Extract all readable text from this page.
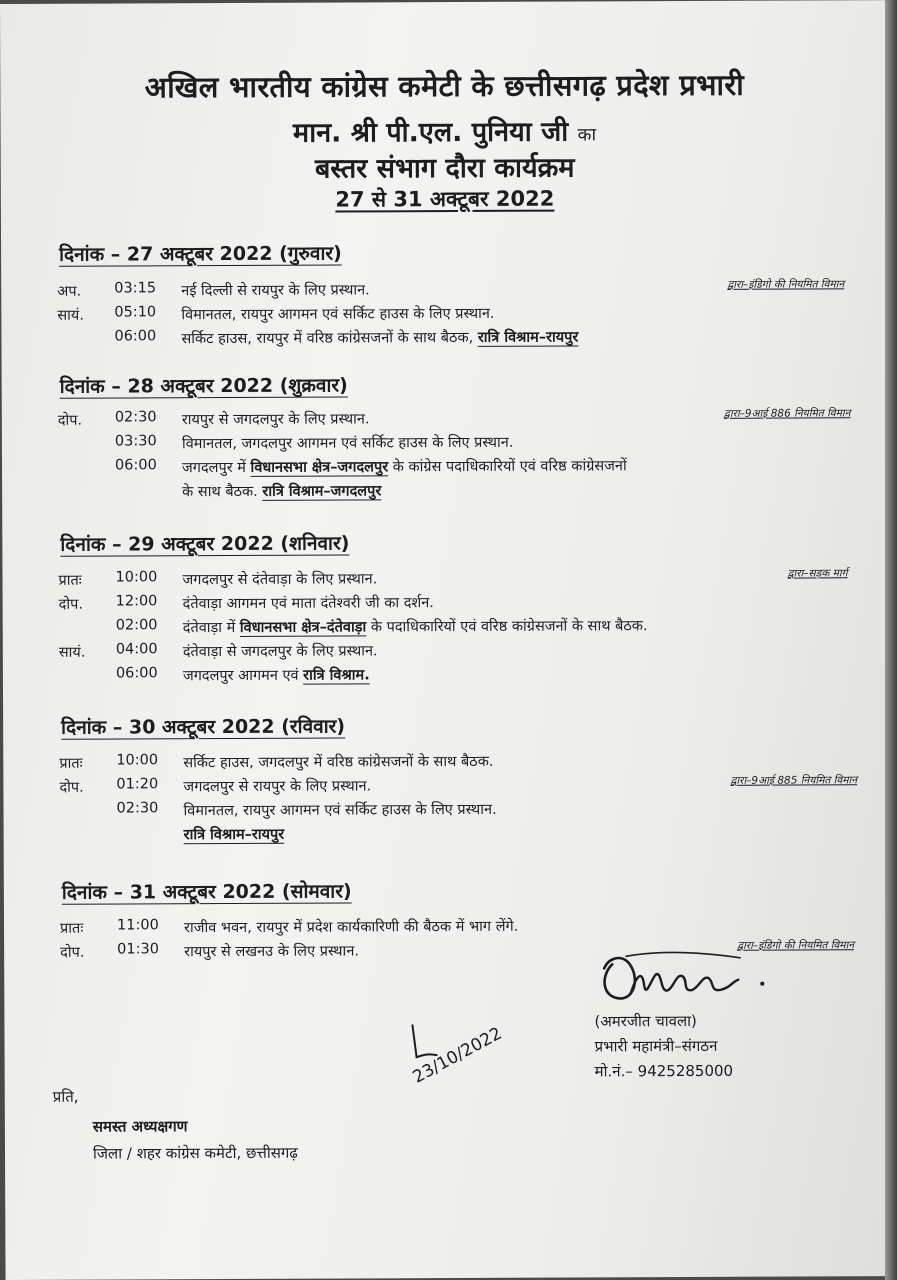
अखिल भारतीय कांग्रेस कमेटी के छत्तीसगढ़ प्रदेश प्रभारी
मान. श्री पी.एल. पुनिया जी का
बस्तर संभाग दौरा कार्यक्रम
27 से 31 अक्टूबर 2022
दिनांक – 27 अक्टूबर 2022 (गुरुवार)
अप. 03:15 नई दिल्ली से रायपुर के लिए प्रस्थान.	द्वारा–इंडिगो की नियमित विमान
सायं. 05:10 विमानतल, रायपुर आगमन एवं सर्किट हाउस के लिए प्रस्थान.
06:00 सर्किट हाउस, रायपुर में वरिष्ठ कांग्रेसजनों के साथ बैठक, रात्रि विश्राम–रायपुर
दिनांक – 28 अक्टूबर 2022 (शुक्रवार)
दोप. 02:30 रायपुर से जगदलपुर के लिए प्रस्थान.	द्वारा–9आई 886 नियमित विमान
03:30 विमानतल, जगदलपुर आगमन एवं सर्किट हाउस के लिए प्रस्थान.
06:00 जगदलपुर में विधानसभा क्षेत्र–जगदलपुर के कांग्रेस पदाधिकारियों एवं वरिष्ठ कांग्रेसजनों
के साथ बैठक. रात्रि विश्राम–जगदलपुर
दिनांक – 29 अक्टूबर 2022 (शनिवार)
प्रातः 10:00 जगदलपुर से दंतेवाड़ा के लिए प्रस्थान.	द्वारा–सड़क मार्ग
दोप. 12:00 दंतेवाड़ा आगमन एवं माता दंतेश्वरी जी का दर्शन.
02:00 दंतेवाड़ा में विधानसभा क्षेत्र–दंतेवाड़ा के पदाधिकारियों एवं वरिष्ठ कांग्रेसजनों के साथ बैठक.
सायं. 04:00 दंतेवाड़ा से जगदलपुर के लिए प्रस्थान.
06:00 जगदलपुर आगमन एवं रात्रि विश्राम.
दिनांक – 30 अक्टूबर 2022 (रविवार)
प्रातः 10:00 सर्किट हाउस, जगदलपुर में वरिष्ठ कांग्रेसजनों के साथ बैठक.
दोप. 01:20 जगदलपुर से रायपुर के लिए प्रस्थान.	द्वारा–9आई 885 नियमित विमान
02:30 विमानतल, रायपुर आगमन एवं सर्किट हाउस के लिए प्रस्थान.
रात्रि विश्राम–रायपुर
दिनांक – 31 अक्टूबर 2022 (सोमवार)
प्रातः 11:00 राजीव भवन, रायपुर में प्रदेश कार्यकारिणी की बैठक में भाग लेंगे.
दोप. 01:30 रायपुर से लखनउ के लिए प्रस्थान.	द्वारा–इंडिगो की नियमित विमान
(अमरजीत चावला)
प्रभारी महामंत्री–संगठन
मो.नं.– 9425285000
23/10/2022
प्रति,
समस्त अध्यक्षगण
जिला / शहर कांग्रेस कमेटी, छत्तीसगढ़
